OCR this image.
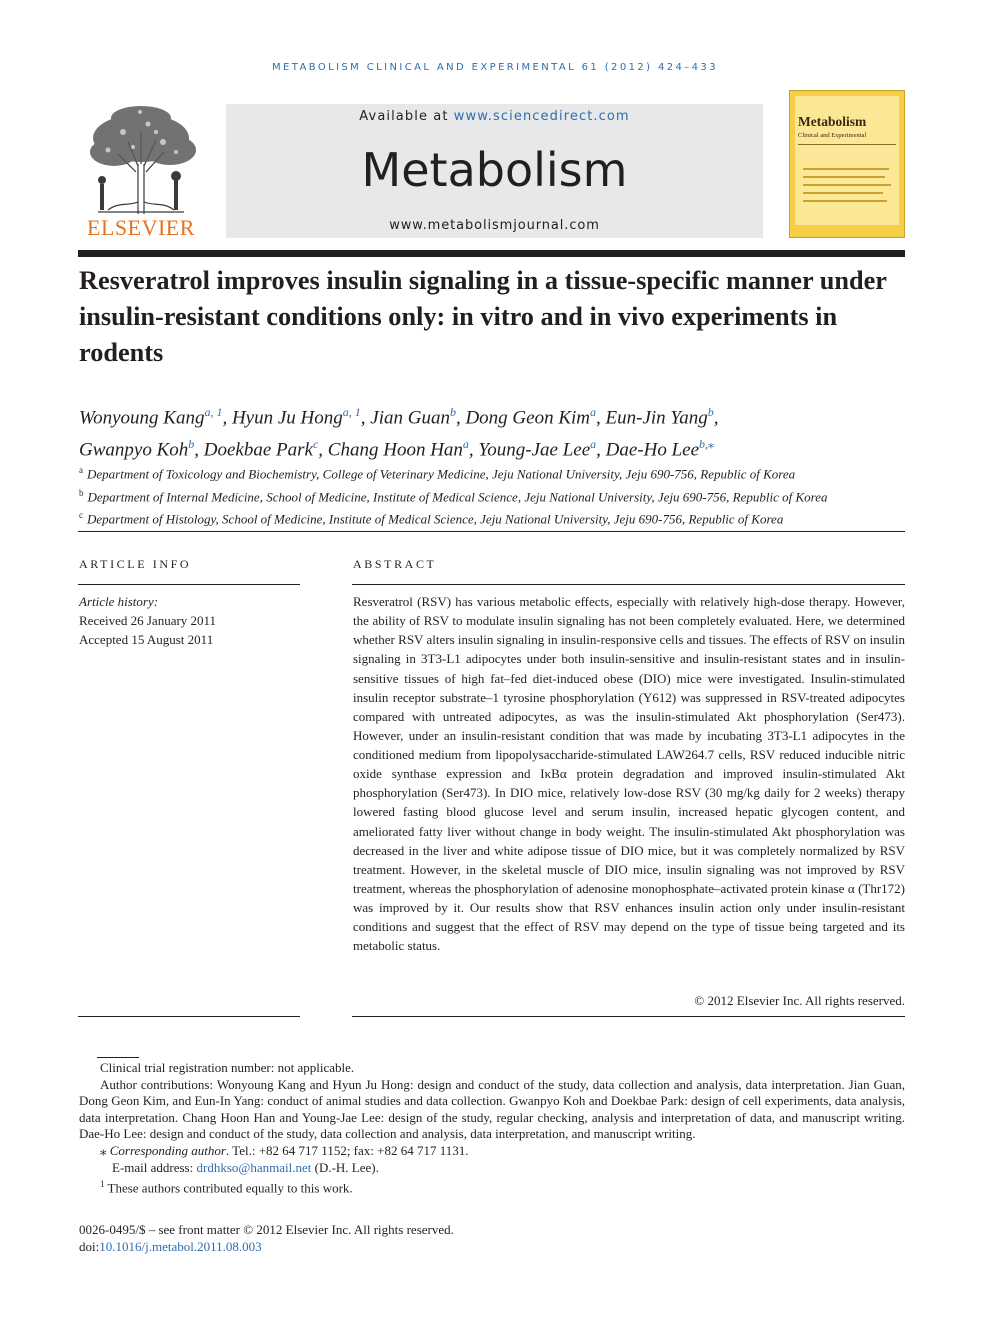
METABOLISM CLINICAL AND EXPERIMENTAL 61 (2012) 424–433
ELSEVIER
Available at www.sciencedirect.com
Metabolism
www.metabolismjournal.com
Metabolism
Clinical and Experimental
Resveratrol improves insulin signaling in a tissue-specific manner under insulin-resistant conditions only: in vitro and in vivo experiments in rodents
Wonyoung Kang$^{a, 1}$, Hyun Ju Hong$^{a, 1}$, Jian Guan$^b$, Dong Geon Kim$^a$, Eun-Jin Yang$^b$,
Gwanpyo Koh$^b$, Doekbae Park$^c$, Chang Hoon Han$^a$, Young-Jae Lee$^a$, Dae-Ho Lee$^{b,⁎}$
$^a$ Department of Toxicology and Biochemistry, College of Veterinary Medicine, Jeju National University, Jeju 690-756, Republic of Korea
$^b$ Department of Internal Medicine, School of Medicine, Institute of Medical Science, Jeju National University, Jeju 690-756, Republic of Korea
$^c$ Department of Histology, School of Medicine, Institute of Medical Science, Jeju National University, Jeju 690-756, Republic of Korea
ARTICLE INFO
Article history:
Received 26 January 2011
Accepted 15 August 2011
ABSTRACT
Resveratrol (RSV) has various metabolic effects, especially with relatively high-dose therapy. However, the ability of RSV to modulate insulin signaling has not been completely evaluated. Here, we determined whether RSV alters insulin signaling in insulin-responsive cells and tissues. The effects of RSV on insulin signaling in 3T3-L1 adipocytes under both insulin-sensitive and insulin-resistant states and in insulin-sensitive tissues of high fat–fed diet-induced obese (DIO) mice were investigated. Insulin-stimulated insulin receptor substrate–1 tyrosine phosphorylation (Y612) was suppressed in RSV-treated adipocytes compared with untreated adipocytes, as was the insulin-stimulated Akt phosphorylation (Ser473). However, under an insulin-resistant condition that was made by incubating 3T3-L1 adipocytes in the conditioned medium from lipopolysaccharide-stimulated LAW264.7 cells, RSV reduced inducible nitric oxide synthase expression and IκBα protein degradation and improved insulin-stimulated Akt phosphorylation (Ser473). In DIO mice, relatively low-dose RSV (30 mg/kg daily for 2 weeks) therapy lowered fasting blood glucose level and serum insulin, increased hepatic glycogen content, and ameliorated fatty liver without change in body weight. The insulin-stimulated Akt phosphorylation was decreased in the liver and white adipose tissue of DIO mice, but it was completely normalized by RSV treatment. However, in the skeletal muscle of DIO mice, insulin signaling was not improved by RSV treatment, whereas the phosphorylation of adenosine monophosphate–activated protein kinase α (Thr172) was improved by it. Our results show that RSV enhances insulin action only under insulin-resistant conditions and suggest that the effect of RSV may depend on the type of tissue being targeted and its metabolic status.
© 2012 Elsevier Inc. All rights reserved.

Clinical trial registration number: not applicable.

Author contributions: Wonyoung Kang and Hyun Ju Hong: design and conduct of the study, data collection and analysis, data interpretation. Jian Guan, Dong Geon Kim, and Eun-In Yang: conduct of animal studies and data collection. Gwanpyo Koh and Doekbae Park: design of cell experiments, data analysis, data interpretation. Chang Hoon Han and Young-Jae Lee: design of the study, regular checking, analysis and interpretation of data, and manuscript writing. Dae-Ho Lee: design and conduct of the study, data collection and analysis, data interpretation, and manuscript writing.

⁎ Corresponding author. Tel.: +82 64 717 1152; fax: +82 64 717 1131.

E-mail address: drdhkso@hanmail.net (D.-H. Lee).

$^1$ These authors contributed equally to this work.

0026-0495/$ – see front matter © 2012 Elsevier Inc. All rights reserved.
doi:10.1016/j.metabol.2011.08.003
